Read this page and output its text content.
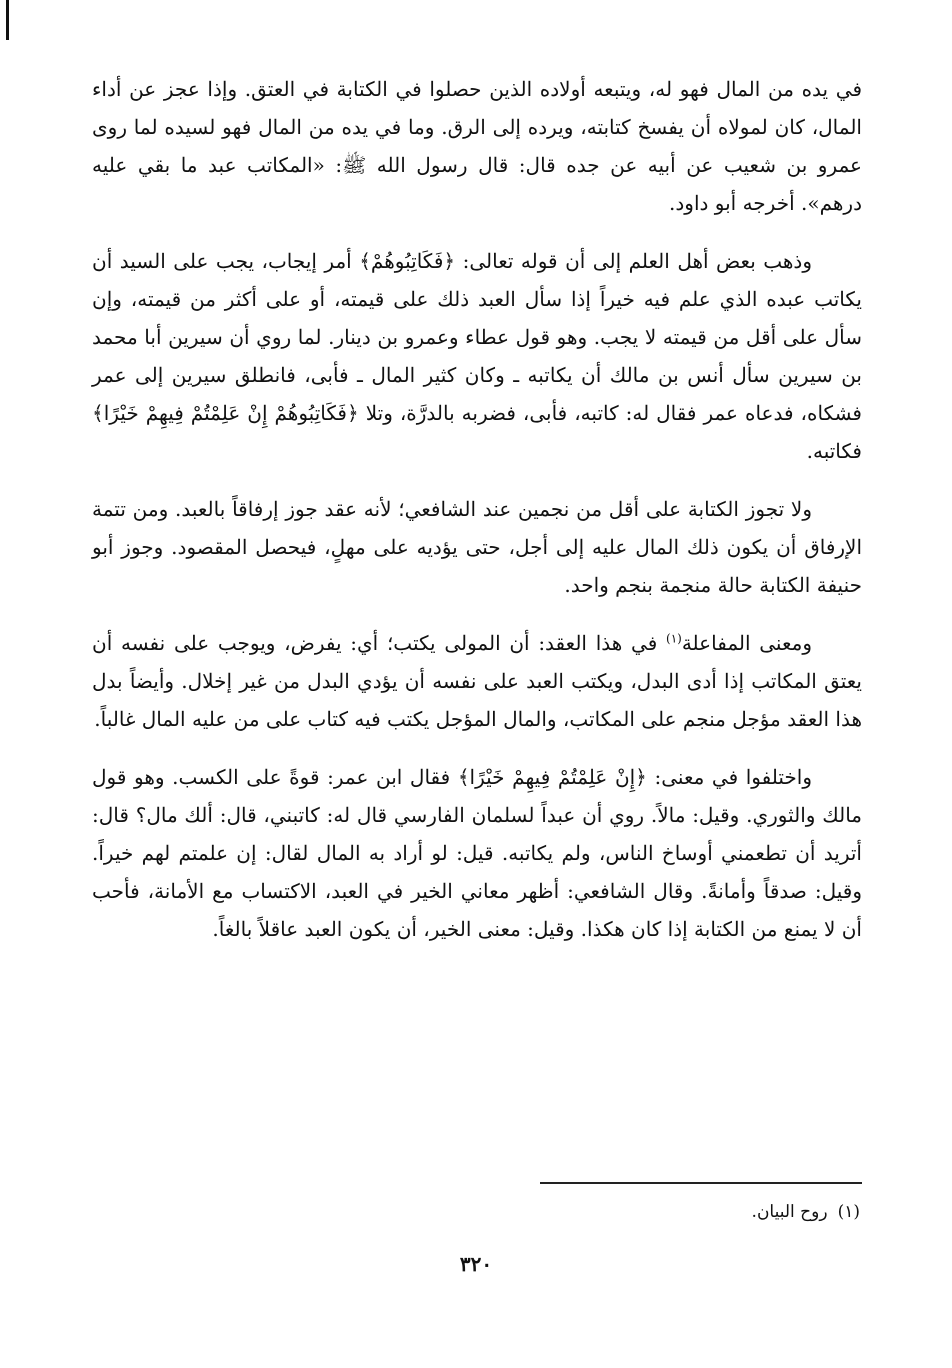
في يده من المال فهو له، ويتبعه أولاده الذين حصلوا في الكتابة في العتق. وإذا عجز عن أداء المال، كان لمولاه أن يفسخ كتابته، ويرده إلى الرق. وما في يده من المال فهو لسيده لما روى عمرو بن شعيب عن أبيه عن جده قال: قال رسول الله ﷺ: «المكاتب عبد ما بقي عليه درهم». أخرجه أبو داود.

وذهب بعض أهل العلم إلى أن قوله تعالى: ﴿فَكَاتِبُوهُمْ﴾ أمر إيجاب، يجب على السيد أن يكاتب عبده الذي علم فيه خيراً إذا سأل العبد ذلك على قيمته، أو على أكثر من قيمته، وإن سأل على أقل من قيمته لا يجب. وهو قول عطاء وعمرو بن دينار. لما روي أن سيرين أبا محمد بن سيرين سأل أنس بن مالك أن يكاتبه ـ وكان كثير المال ـ فأبى، فانطلق سيرين إلى عمر فشكاه، فدعاه عمر فقال له: كاتبه، فأبى، فضربه بالدرَّة، وتلا ﴿فَكَاتِبُوهُمْ إِنْ عَلِمْتُمْ فِيهِمْ خَيْرًا﴾ فكاتبه.

ولا تجوز الكتابة على أقل من نجمين عند الشافعي؛ لأنه عقد جوز إرفاقاً بالعبد. ومن تتمة الإرفاق أن يكون ذلك المال عليه إلى أجل، حتى يؤديه على مهلٍ، فيحصل المقصود. وجوز أبو حنيفة الكتابة حالة منجمة بنجم واحد.

ومعنى المفاعلة$^{(١)}$ في هذا العقد: أن المولى يكتب؛ أي: يفرض، ويوجب على نفسه أن يعتق المكاتب إذا أدى البدل، ويكتب العبد على نفسه أن يؤدي البدل من غير إخلال. وأيضاً بدل هذا العقد مؤجل منجم على المكاتب، والمال المؤجل يكتب فيه كتاب على من عليه المال غالباً.

واختلفوا في معنى: ﴿إِنْ عَلِمْتُمْ فِيهِمْ خَيْرًا﴾ فقال ابن عمر: قوةً على الكسب. وهو قول مالك والثوري. وقيل: مالاً. روي أن عبداً لسلمان الفارسي قال له: كاتبني، قال: ألك مال؟ قال: أتريد أن تطعمني أوساخ الناس، ولم يكاتبه. قيل: لو أراد به المال لقال: إن علمتم لهم خيراً. وقيل: صدقاً وأمانةً. وقال الشافعي: أظهر معاني الخير في العبد، الاكتساب مع الأمانة، فأحب أن لا يمنع من الكتابة إذا كان هكذا. وقيل: معنى الخير، أن يكون العبد عاقلاً بالغاً.

(١)روح البيان.
٣٢٠
